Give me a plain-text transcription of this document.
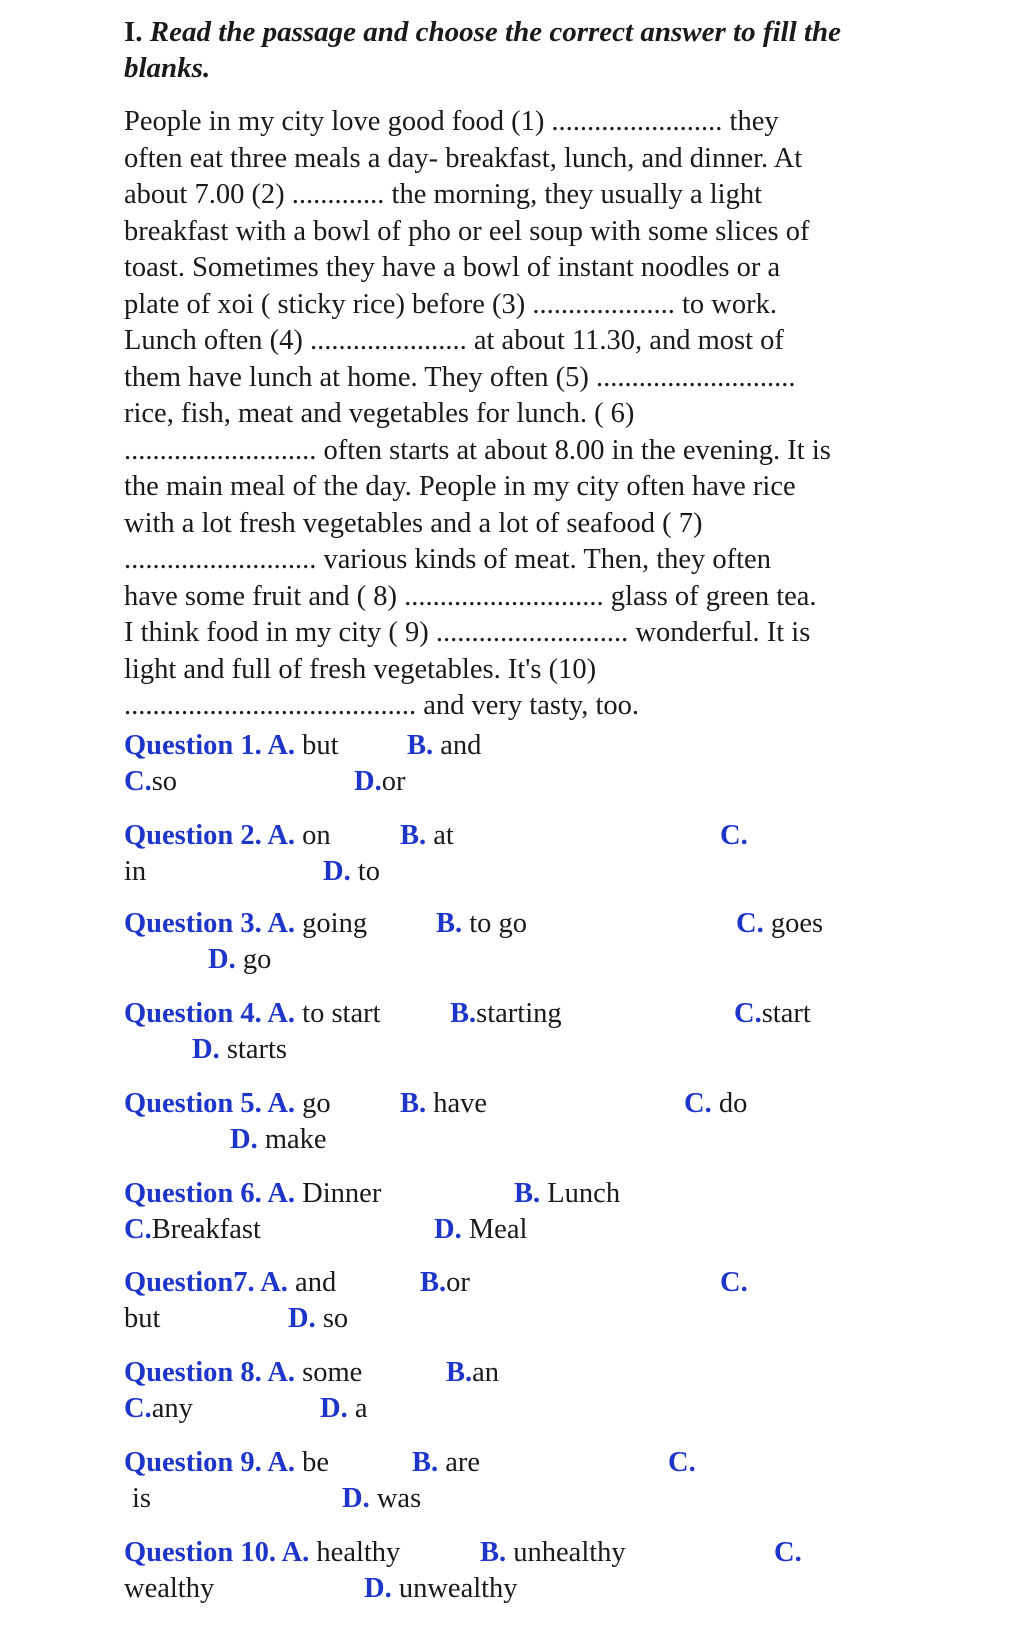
I. Read the passage and choose the correct answer to fill the
blanks.

People in my city love good food (1) ........................ they
often eat three meals a day- breakfast, lunch, and dinner. At
about 7.00 (2) ............. the morning, they usually a light
breakfast with a bowl of pho or eel soup with some slices of
toast. Sometimes they have a bowl of instant noodles or a
plate of xoi ( sticky rice) before (3) .................... to work.
Lunch often (4) ...................... at about 11.30, and most of
them have lunch at home. They often (5) ............................
rice, fish, meat and vegetables for lunch. ( 6)
........................... often starts at about 8.00 in the evening. It is
the main meal of the day. People in my city often have rice
with a lot fresh vegetables and a lot of seafood ( 7)
........................... various kinds of meat. Then, they often
have some fruit and ( 8) ............................ glass of green tea.
I think food in my city ( 9) ........................... wonderful. It is
light and full of fresh vegetables. It's (10)
......................................... and very tasty, too.
Question 1. A. but B. and
C.so	D.or
Question 2. A. on B. at	C.
in	D. to
Question 3. A. going B. to go	C. goes
D. go
Question 4. A. to start B.starting	C.start
D. starts
Question 5. A. go B. have	C. do
D. make
Question 6. A. Dinner	B. Lunch
C.Breakfast	D. Meal
Question7. A. and	B.or	C.
but	D. so
Question 8. A. some	B.an
C.any	D. a
Question 9. A. be	B. are	C.
is	D. was
Question 10. A. healthy	B. unhealthy	C.
wealthy	D. unwealthy
